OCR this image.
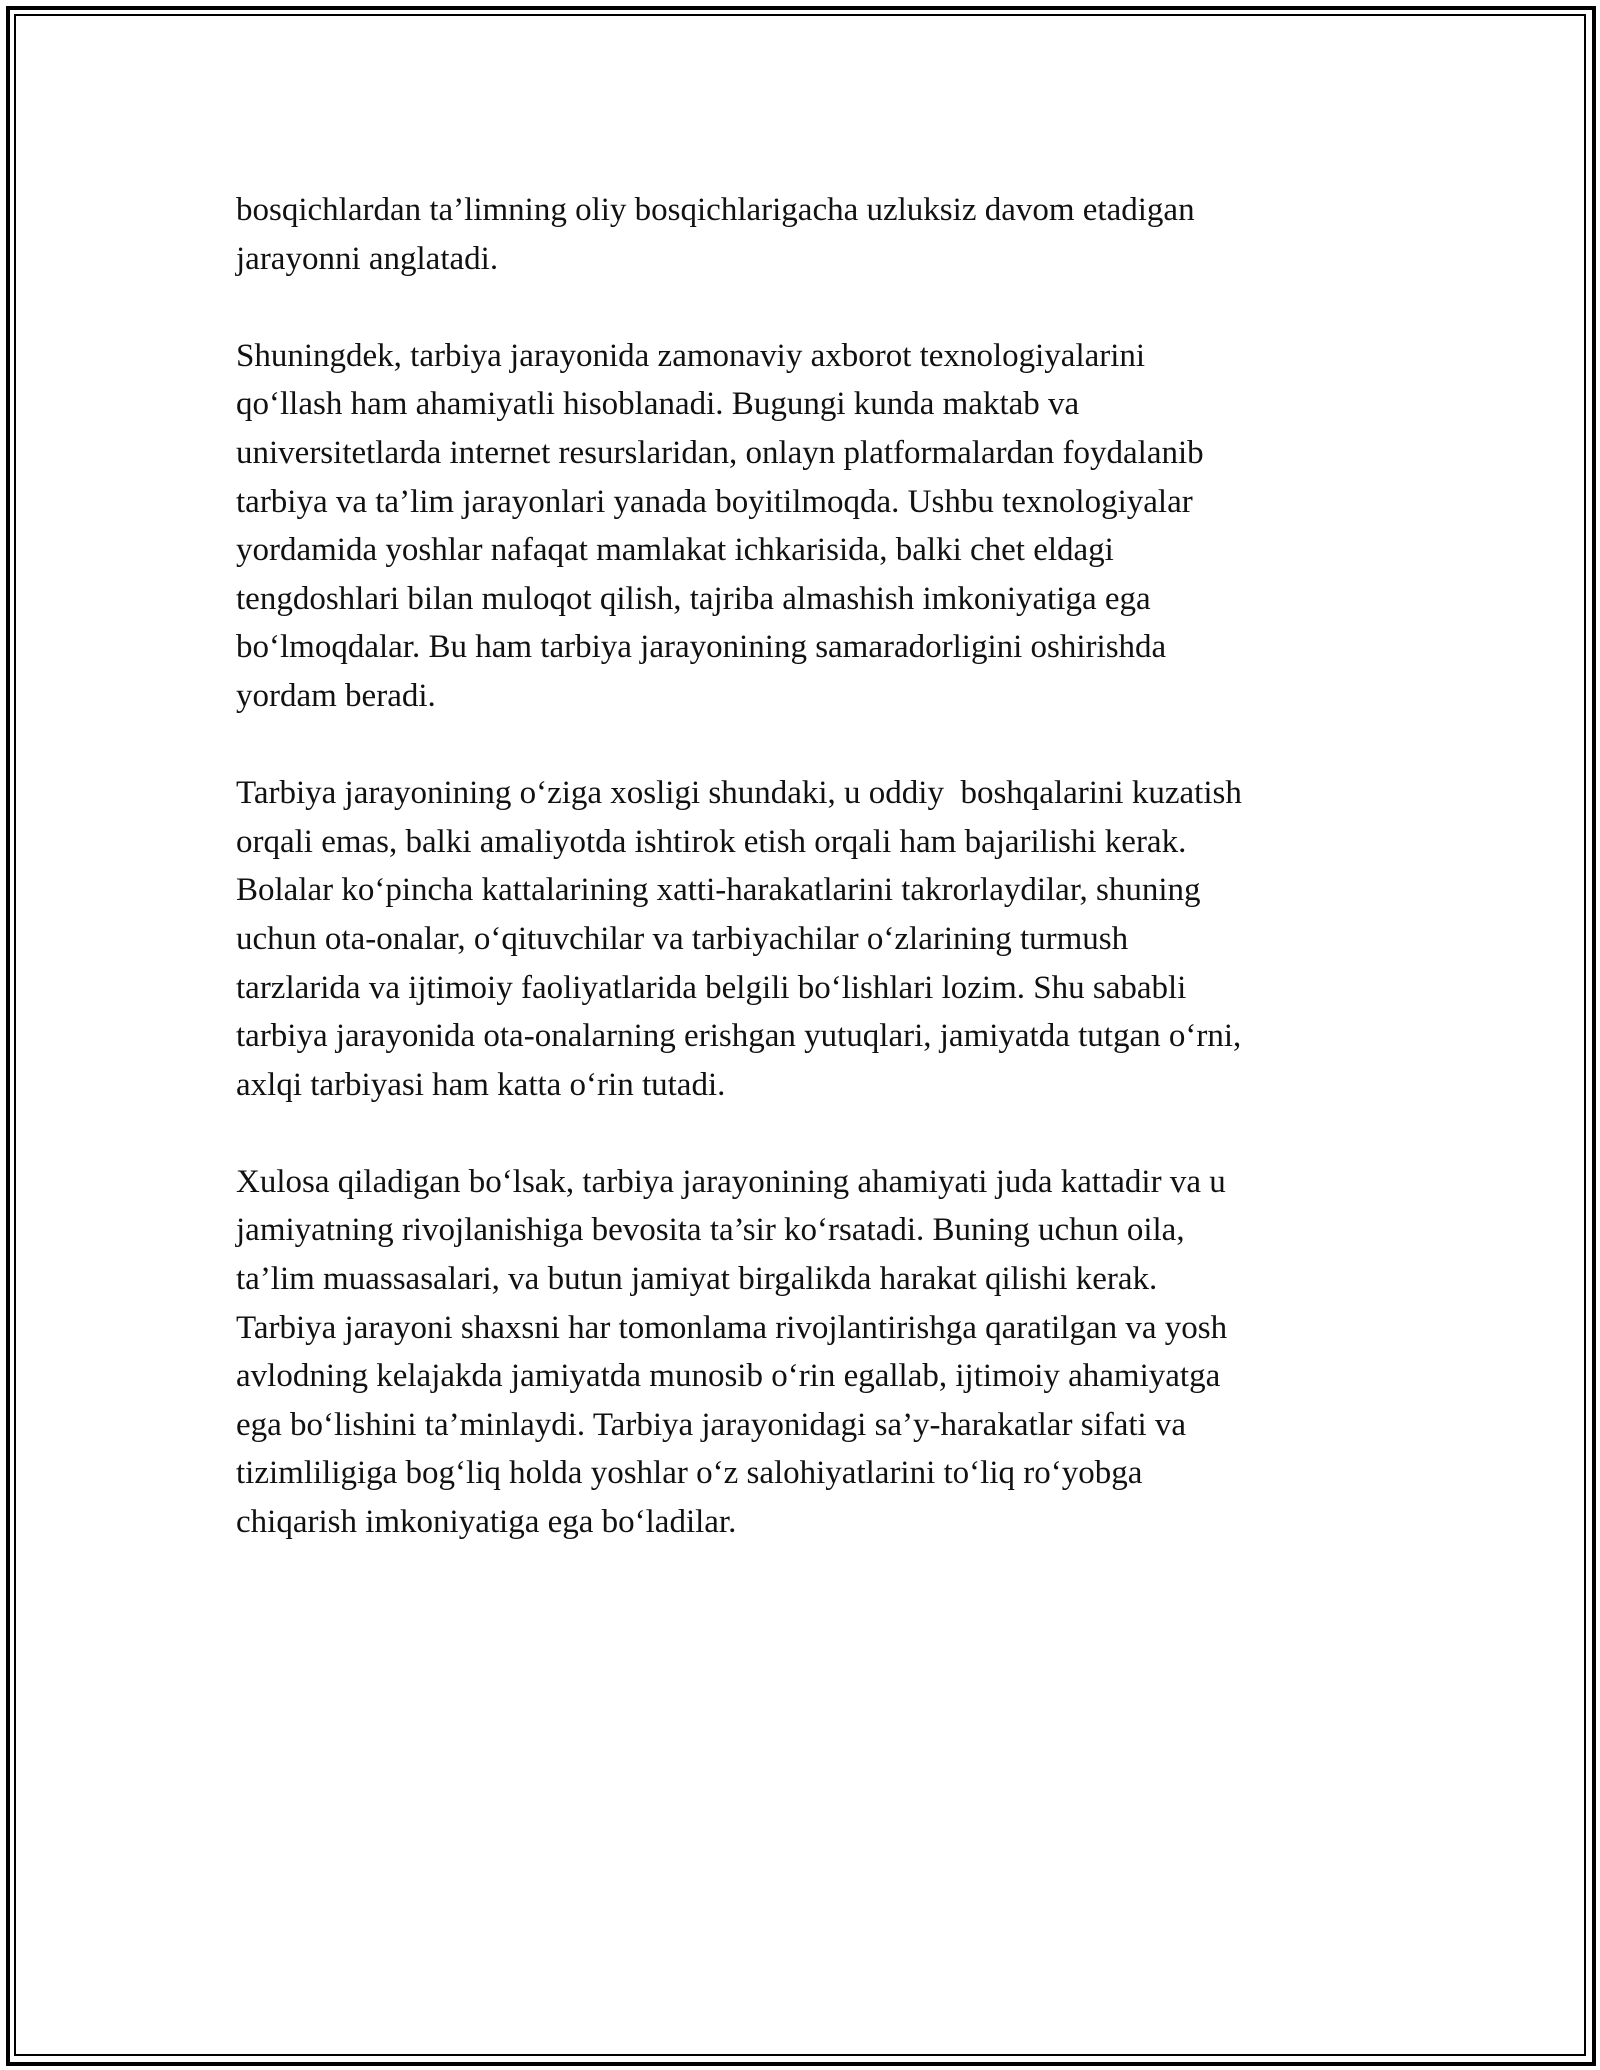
bosqichlardan ta’limning oliy bosqichlarigacha uzluksiz davom etadigan
jarayonni anglatadi.
Shuningdek, tarbiya jarayonida zamonaviy axborot texnologiyalarini
qo‘llash ham ahamiyatli hisoblanadi. Bugungi kunda maktab va
universitetlarda internet resurslaridan, onlayn platformalardan foydalanib
tarbiya va ta’lim jarayonlari yanada boyitilmoqda. Ushbu texnologiyalar
yordamida yoshlar nafaqat mamlakat ichkarisida, balki chet eldagi
tengdoshlari bilan muloqot qilish, tajriba almashish imkoniyatiga ega
bo‘lmoqdalar. Bu ham tarbiya jarayonining samaradorligini oshirishda
yordam beradi.
Tarbiya jarayonining o‘ziga xosligi shundaki, u oddiy  boshqalarini kuzatish
orqali emas, balki amaliyotda ishtirok etish orqali ham bajarilishi kerak.
Bolalar ko‘pincha kattalarining xatti-harakatlarini takrorlaydilar, shuning
uchun ota-onalar, o‘qituvchilar va tarbiyachilar o‘zlarining turmush
tarzlarida va ijtimoiy faoliyatlarida belgili bo‘lishlari lozim. Shu sababli
tarbiya jarayonida ota-onalarning erishgan yutuqlari, jamiyatda tutgan o‘rni,
axlqi tarbiyasi ham katta o‘rin tutadi.
Xulosa qiladigan bo‘lsak, tarbiya jarayonining ahamiyati juda kattadir va u
jamiyatning rivojlanishiga bevosita ta’sir ko‘rsatadi. Buning uchun oila,
ta’lim muassasalari, va butun jamiyat birgalikda harakat qilishi kerak.
Tarbiya jarayoni shaxsni har tomonlama rivojlantirishga qaratilgan va yosh
avlodning kelajakda jamiyatda munosib o‘rin egallab, ijtimoiy ahamiyatga
ega bo‘lishini ta’minlaydi. Tarbiya jarayonidagi sa’y-harakatlar sifati va
tizimliligiga bog‘liq holda yoshlar o‘z salohiyatlarini to‘liq ro‘yobga
chiqarish imkoniyatiga ega bo‘ladilar.
